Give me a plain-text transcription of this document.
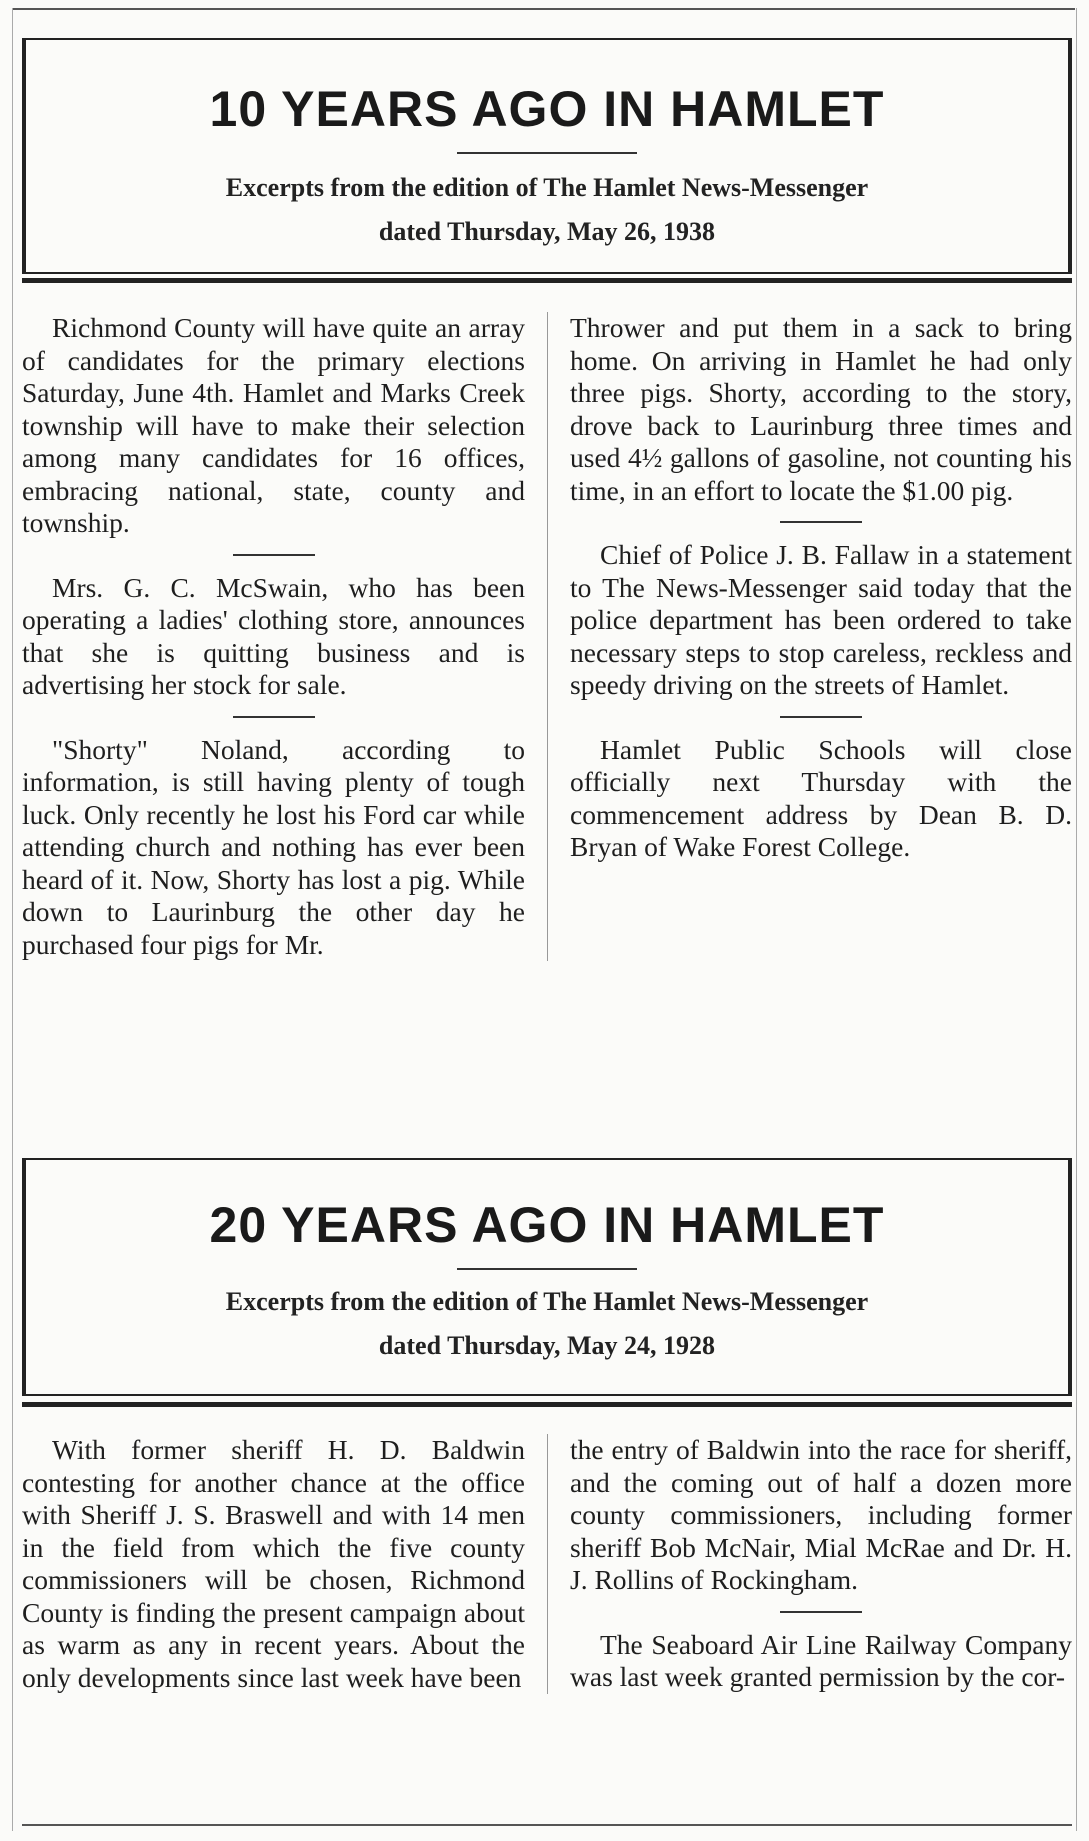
10 YEARS AGO IN HAMLET
Excerpts from the edition of The Hamlet News-Messenger
dated Thursday, May 26, 1938

Richmond County will have quite an array of candidates for the primary elections Saturday, June 4th. Hamlet and Marks Creek township will have to make their selection among many candidates for 16 offices, embracing national, state, county and township.

Mrs. G. C. McSwain, who has been operating a ladies' clothing store, announces that she is quitting business and is advertising her stock for sale.

"Shorty" Noland, according to information, is still having plenty of tough luck. Only recently he lost his Ford car while attending church and nothing has ever been heard of it. Now, Shorty has lost a pig. While down to Laurinburg the other day he purchased four pigs for Mr.

Thrower and put them in a sack to bring home. On arriving in Hamlet he had only three pigs. Shorty, according to the story, drove back to Laurinburg three times and used 4½ gallons of gasoline, not counting his time, in an effort to locate the $1.00 pig.

Chief of Police J. B. Fallaw in a statement to The News-Messenger said today that the police department has been ordered to take necessary steps to stop careless, reckless and speedy driving on the streets of Hamlet.

Hamlet Public Schools will close officially next Thursday with the commencement address by Dean B. D. Bryan of Wake Forest College.

20 YEARS AGO IN HAMLET
Excerpts from the edition of The Hamlet News-Messenger
dated Thursday, May 24, 1928

With former sheriff H. D. Baldwin contesting for another chance at the office with Sheriff J. S. Braswell and with 14 men in the field from which the five county commissioners will be chosen, Richmond County is finding the present campaign about as warm as any in recent years. About the only developments since last week have been

the entry of Baldwin into the race for sheriff, and the coming out of half a dozen more county commissioners, including former sheriff Bob McNair, Mial McRae and Dr. H. J. Rollins of Rockingham.

The Seaboard Air Line Railway Company was last week granted permission by the cor-
